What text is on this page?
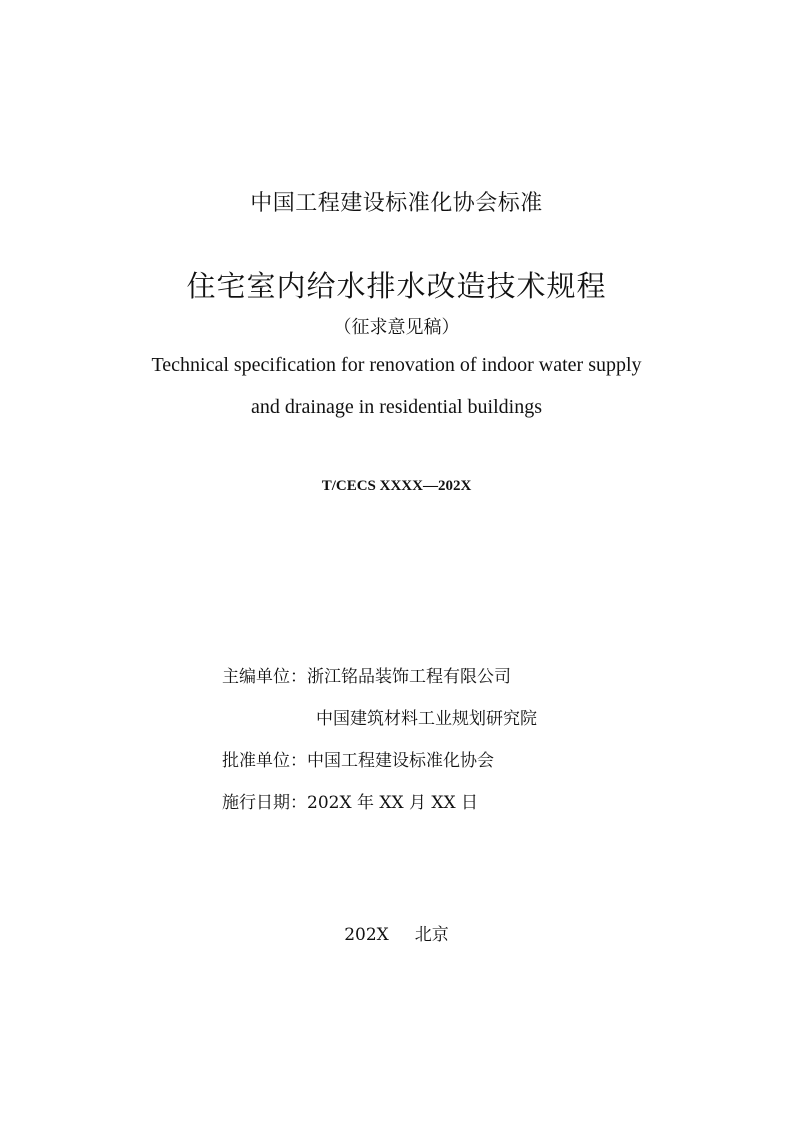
中国工程建设标准化协会标准
住宅室内给水排水改造技术规程
（征求意见稿）
Technical specification for renovation of indoor water supply
and drainage in residential buildings
T/CECS XXXX—202X
主编单位：浙江铭品装饰工程有限公司
中国建筑材料工业规划研究院
批准单位：中国工程建设标准化协会
施行日期：202X 年 XX 月 XX 日
202X 北京
